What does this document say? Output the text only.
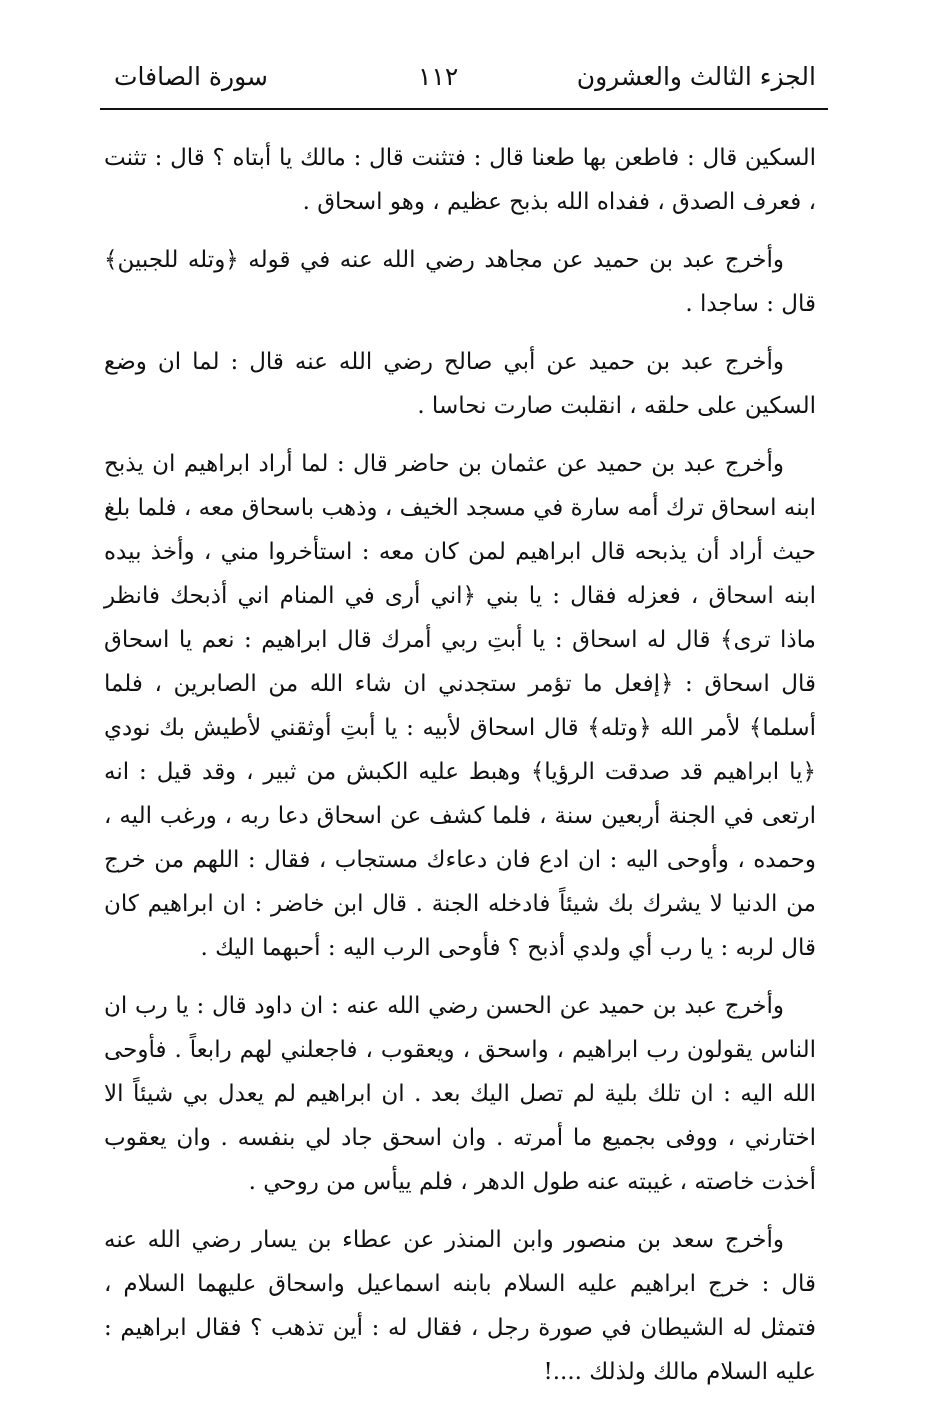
الجزء الثالث والعشرون
١١٢
سورة الصافات

السكين قال : فاطعن بها طعنا قال : فتثنت قال : مالك يا أبتاه ؟ قال : تثنت ، فعرف الصدق ، ففداه الله بذبح عظيم ، وهو اسحاق .

وأخرج عبد بن حميد عن مجاهد رضي الله عنه في قوله ﴿وتله للجبين﴾ قال : ساجدا .

وأخرج عبد بن حميد عن أبي صالح رضي الله عنه قال : لما ان وضع السكين على حلقه ، انقلبت صارت نحاسا .

وأخرج عبد بن حميد عن عثمان بن حاضر قال : لما أراد ابراهيم ان يذبح ابنه اسحاق ترك أمه سارة في مسجد الخيف ، وذهب باسحاق معه ، فلما بلغ حيث أراد أن يذبحه قال ابراهيم لمن كان معه : استأخروا مني ، وأخذ بيده ابنه اسحاق ، فعزله فقال : يا بني ﴿اني أرى في المنام اني أذبحك فانظر ماذا ترى﴾ قال له اسحاق : يا أبتِ ربي أمرك قال ابراهيم : نعم يا اسحاق قال اسحاق : ﴿إفعل ما تؤمر ستجدني ان شاء الله من الصابرين ، فلما أسلما﴾ لأمر الله ﴿وتله﴾ قال اسحاق لأبيه : يا أبتِ أوثقني لأطيش بك نودي ﴿يا ابراهيم قد صدقت الرؤيا﴾ وهبط عليه الكبش من ثبير ، وقد قيل : انه ارتعى في الجنة أربعين سنة ، فلما كشف عن اسحاق دعا ربه ، ورغب اليه ، وحمده ، وأوحى اليه : ان ادع فان دعاءك مستجاب ، فقال : اللهم من خرج من الدنيا لا يشرك بك شيئاً فادخله الجنة . قال ابن خاضر : ان ابراهيم كان قال لربه : يا رب أي ولدي أذبح ؟ فأوحى الرب اليه : أحبهما اليك .

وأخرج عبد بن حميد عن الحسن رضي الله عنه : ان داود قال : يا رب ان الناس يقولون رب ابراهيم ، واسحق ، ويعقوب ، فاجعلني لهم رابعاً . فأوحى الله اليه : ان تلك بلية لم تصل اليك بعد . ان ابراهيم لم يعدل بي شيئاً الا اختارني ، ووفى بجميع ما أمرته . وان اسحق جاد لي بنفسه . وان يعقوب أخذت خاصته ، غيبته عنه طول الدهر ، فلم ييأس من روحي .

وأخرج سعد بن منصور وابن المنذر عن عطاء بن يسار رضي الله عنه قال : خرج ابراهيم عليه السلام بابنه اسماعيل واسحاق عليهما السلام ، فتمثل له الشيطان في صورة رجل ، فقال له : أين تذهب ؟ فقال ابراهيم : عليه السلام مالك ولذلك ....!
